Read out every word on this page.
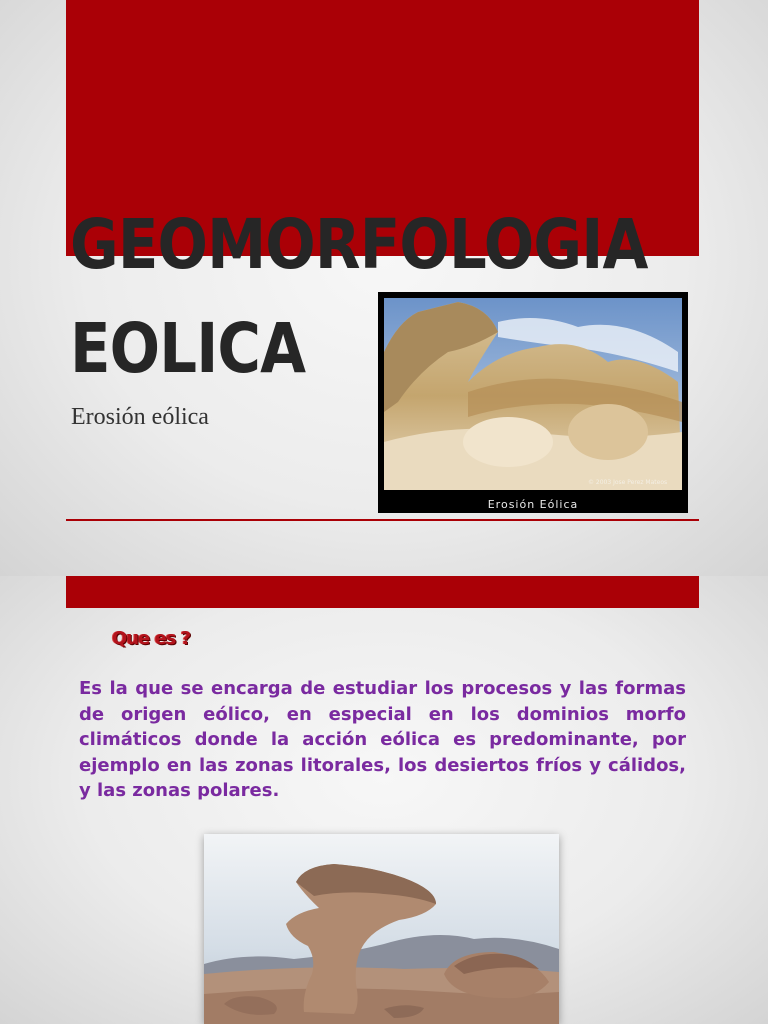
GEOMORFOLOGIA
EOLICA
Erosión eólica
© 2003 Jose Perez Mateos
Erosión Eólica
Que es ?

Es la que se encarga de estudiar los procesos y las formas de origen eólico, en especial en los dominios morfo climáticos donde la acción eólica es predominante, por ejemplo en las zonas litorales, los desiertos fríos y cálidos, y las zonas polares.
